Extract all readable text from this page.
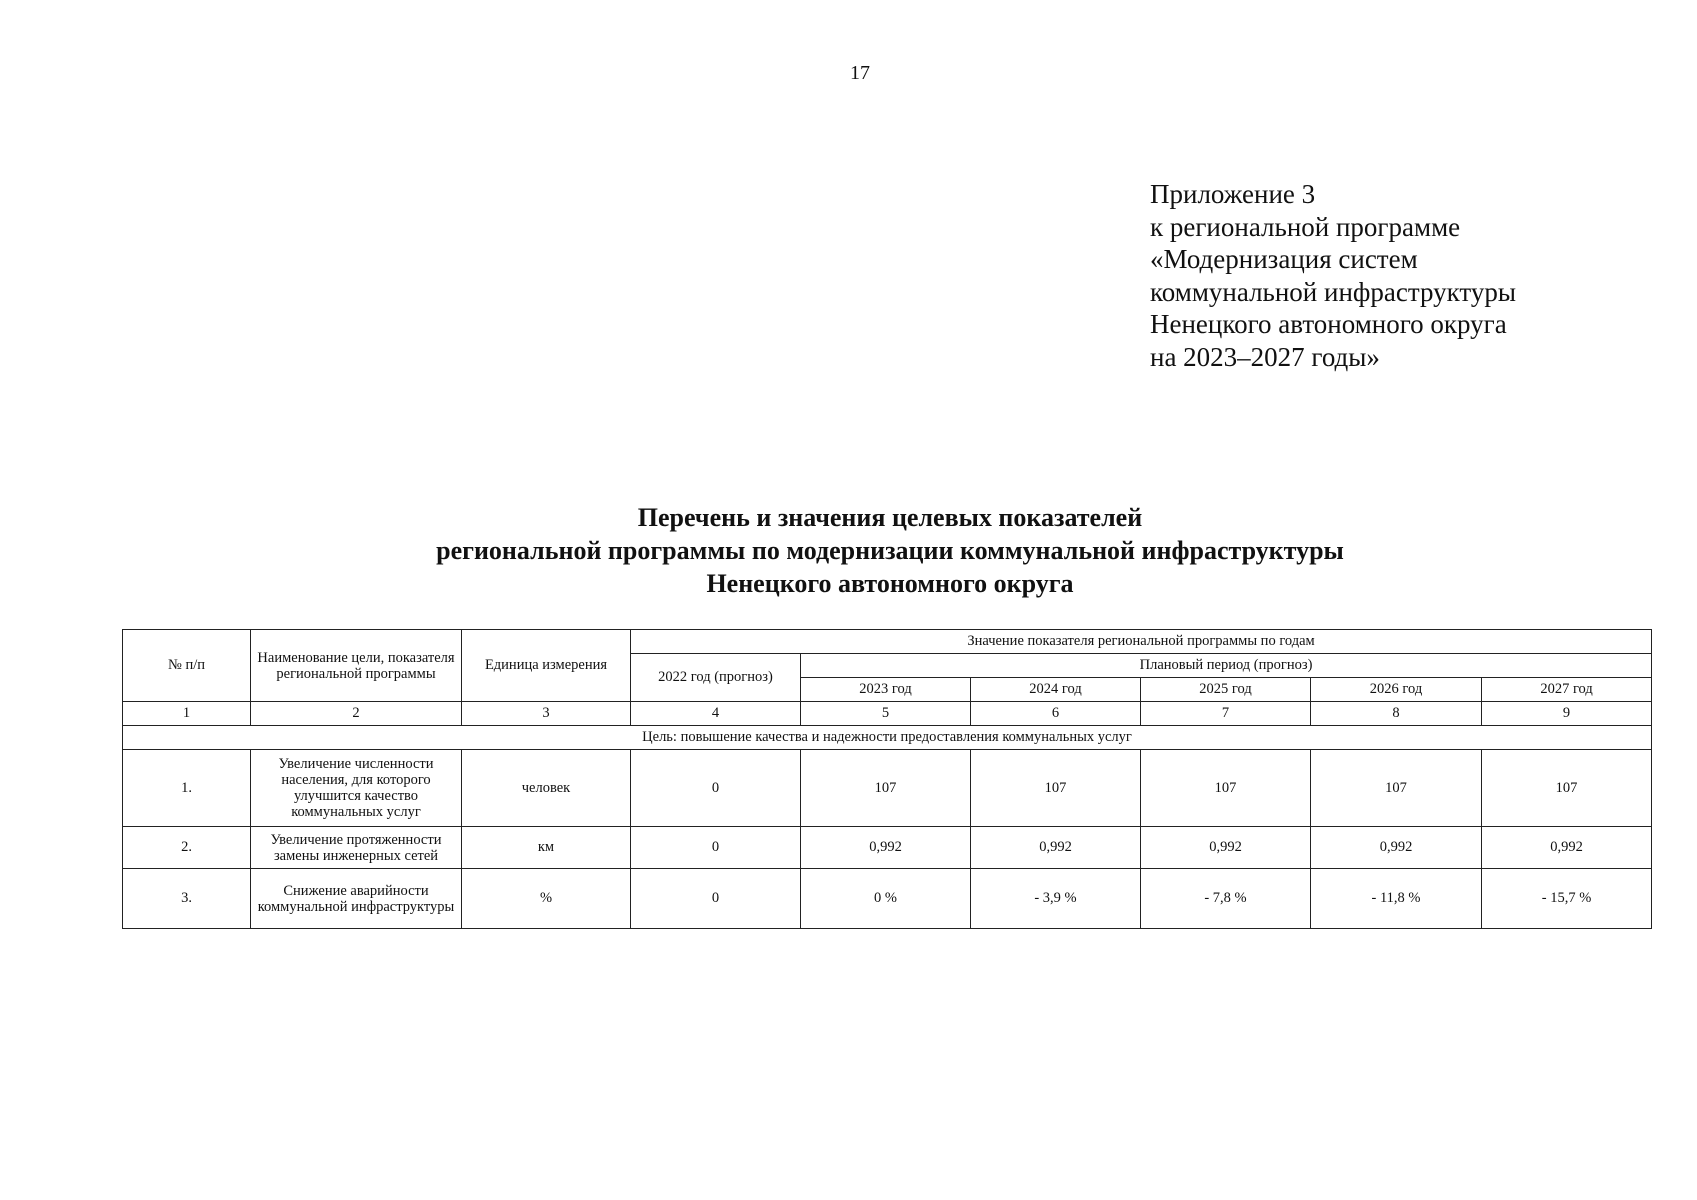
17
Приложение 3
к региональной программе
«Модернизация систем
коммунальной инфраструктуры
Ненецкого автономного округа
на 2023–2027 годы»
Перечень и значения целевых показателей
региональной программы по модернизации коммунальной инфраструктуры
Ненецкого автономного округа
№ п/п	Наименование цели, показателя региональной программы	Единица измерения	Значение показателя региональной программы по годам					
			2022 год (прогноз)	Плановый период (прогноз)				
				2023 год	2024 год	2025 год	2026 год	2027 год
1	2	3	4	5	6	7	8	9
Цель: повышение качества и надежности предоставления коммунальных услуг								
1.	Увеличение численности населения, для которого улучшится качество коммунальных услуг	человек	0	107	107	107	107	107
2.	Увеличение протяженности замены инженерных сетей	км	0	0,992	0,992	0,992	0,992	0,992
3.	Снижение аварийности коммунальной инфраструктуры	%	0	0 %	- 3,9 %	- 7,8 %	- 11,8 %	- 15,7 %
